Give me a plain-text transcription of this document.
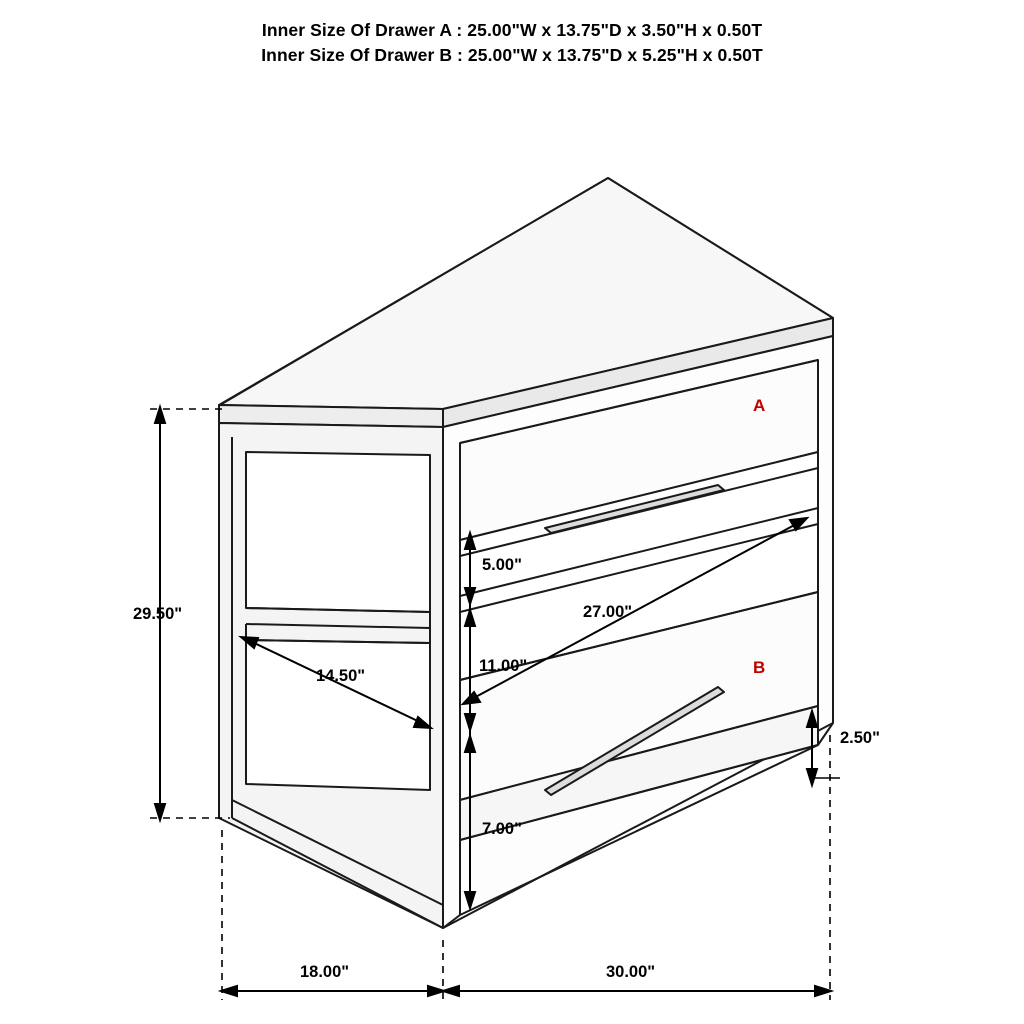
Inner Size Of Drawer A : 25.00"W x 13.75"D x 3.50"H x 0.50T
Inner Size Of Drawer B : 25.00"W x 13.75"D x 5.25"H x 0.50T
29.50"
18.00"	30.00"
27.00"
14.50"
5.00"
11.00"
7.00"
2.50"
A
B
